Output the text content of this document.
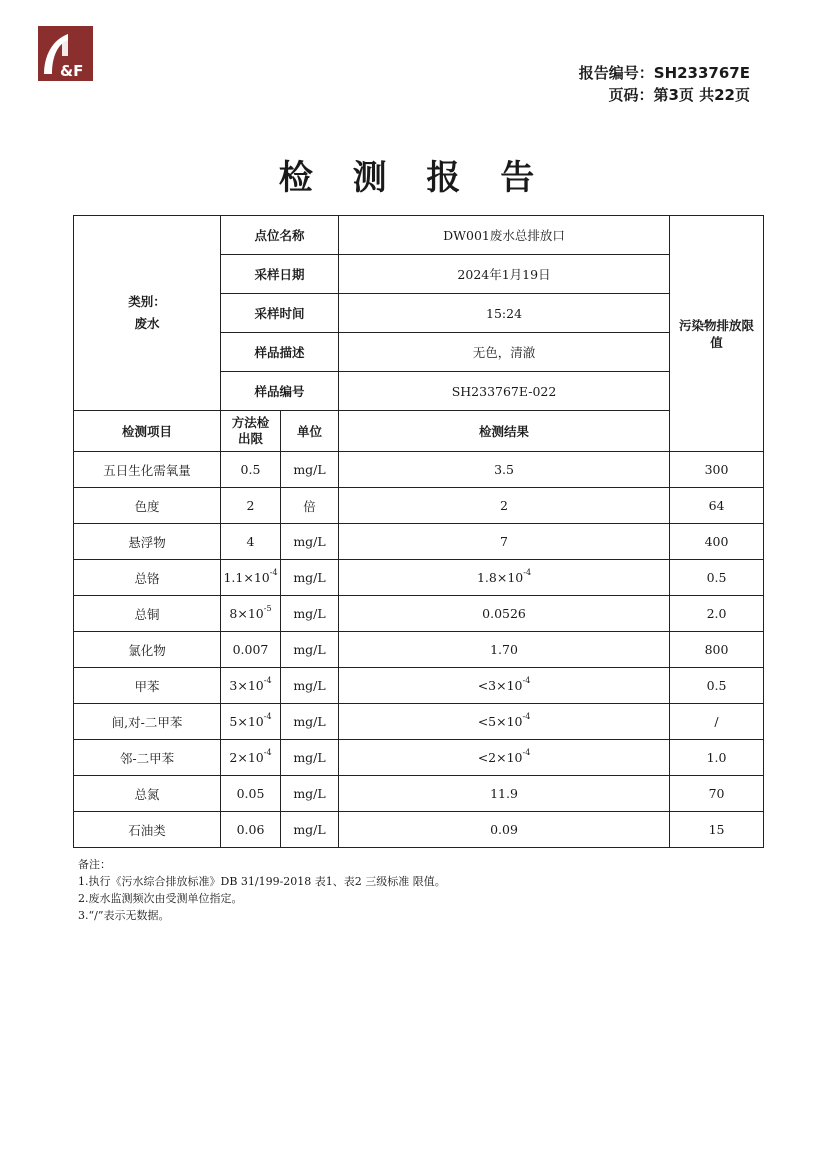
&F	报告编号：SH233767E
页码：第3页 共22页
检 测 报 告
类别：
废水	点位名称		DW001废水总排放口	污染物排放限值
	采样日期		2024年1月19日	
	采样时间		15:24	
	样品描述		无色，清澈	
	样品编号		SH233767E-022	
检测项目	方法检出限	单位	检测结果	
五日生化需氧量	0.5	mg/L	3.5	300
色度	2	倍	2	64
悬浮物	4	mg/L	7	400
总铬	$1.1\times 10^{-4}$	mg/L	$1.8\times 10^{-4}$	0.5
总铜	$8\times 10^{-5}$	mg/L	0.0526	2.0
氯化物	0.007	mg/L	1.70	800
甲苯	$3\times 10^{-4}$	mg/L	$<3\times 10^{-4}$	0.5
间,对-二甲苯	$5\times 10^{-4}$	mg/L	$<5\times 10^{-4}$	/
邻-二甲苯	$2\times 10^{-4}$	mg/L	$<2\times 10^{-4}$	1.0
总氮	0.05	mg/L	11.9	70
石油类	0.06	mg/L	0.09	15
备注：
1.执行《污水综合排放标准》DB 31/199-2018 表1、表2 三级标准 限值。
2.废水监测频次由受测单位指定。
3.“/”表示无数据。
